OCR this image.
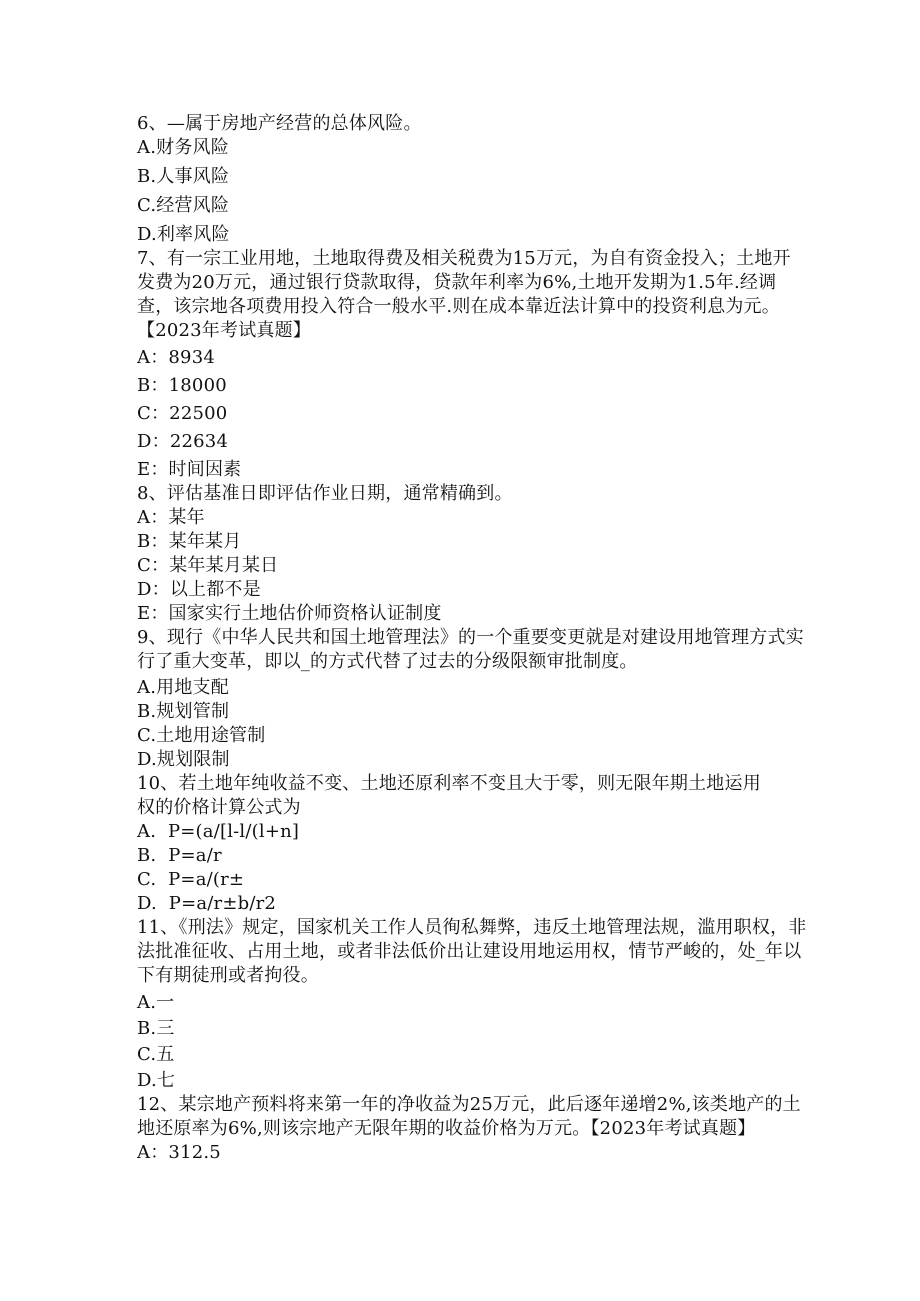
6、—属于房地产经营的总体风险。
A.财务风险
B.人事风险
C.经营风险
D.利率风险
7、有一宗工业用地，土地取得费及相关税费为15万元，为自有资金投入；土地开发费为20万元，通过银行贷款取得，贷款年利率为6%,土地开发期为1.5年.经调查，该宗地各项费用投入符合一般水平.则在成本靠近法计算中的投资利息为元。【2023年考试真题】
A：8934
B：18000
C：22500
D：22634
E：时间因素
8、评估基准日即评估作业日期，通常精确到。
A：某年
B：某年某月
C：某年某月某日
D：以上都不是
E：国家实行土地估价师资格认证制度
9、现行《中华人民共和国土地管理法》的一个重要变更就是对建设用地管理方式实行了重大变革，即以_的方式代替了过去的分级限额审批制度。
A.用地支配
B.规划管制
C.土地用途管制
D.规划限制
10、若土地年纯收益不变、土地还原利率不变且大于零，则无限年期土地运用权的价格计算公式为
A.  P=(a∕[l-l∕(l+n]
B.  P=a∕r
C.  P=a∕(r±
D.  P=a∕r±b∕r2
11、《刑法》规定，国家机关工作人员徇私舞弊，违反土地管理法规，滥用职权，非法批准征收、占用土地，或者非法低价出让建设用地运用权，情节严峻的，处_年以下有期徒刑或者拘役。
A.一
B.三
C.五
D.七
12、某宗地产预料将来第一年的净收益为25万元，此后逐年递增2%,该类地产的土地还原率为6%,则该宗地产无限年期的收益价格为万元。【2023年考试真题】
A：312.5
